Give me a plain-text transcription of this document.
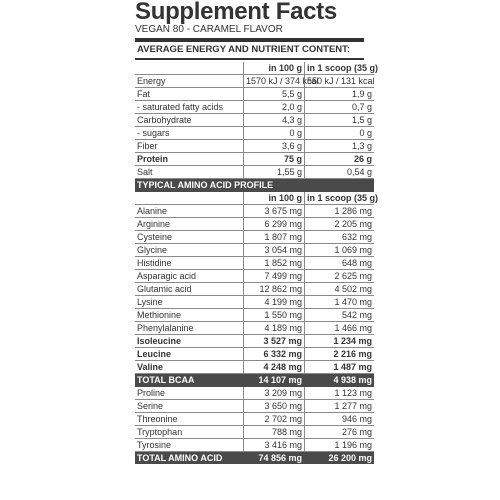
Supplement Facts
VEGAN 80 - CARAMEL FLAVOR
AVERAGE ENERGY AND NUTRIENT CONTENT:
	in 100 g	in 1 scoop (35 g)
Energy	1570 kJ / 374 kcal	550 kJ / 131 kcal
Fat	5,5 g	1,9 g
- saturated fatty acids	2,0 g	0,7 g
Carbohydrate	4,3 g	1,5 g
- sugars	0 g	0 g
Fiber	3,6 g	1,3 g
Protein	75 g	26 g
Salt	1,55 g	0,54 g
TYPICAL AMINO ACID PROFILE		
	in 100 g	in 1 scoop (35 g)
Alanine	3 675 mg	1 286 mg
Arginine	6 299 mg	2 205 mg
Cysteine	1 807 mg	632 mg
Glycine	3 054 mg	1 069 mg
Histidine	1 852 mg	648 mg
Asparagic acid	7 499 mg	2 625 mg
Glutamic acid	12 862 mg	4 502 mg
Lysine	4 199 mg	1 470 mg
Methionine	1 550 mg	542 mg
Phenylalanine	4 189 mg	1 466 mg
Isoleucine	3 527 mg	1 234 mg
Leucine	6 332 mg	2 216 mg
Valine	4 248 mg	1 487 mg
TOTAL BCAA	14 107 mg	4 938 mg
Proline	3 209 mg	1 123 mg
Serine	3 650 mg	1 277 mg
Threonine	2 702 mg	946 mg
Tryptophan	788 mg	276 mg
Tyrosine	3 416 mg	1 196 mg
TOTAL AMINO ACID	74 856 mg	26 200 mg
